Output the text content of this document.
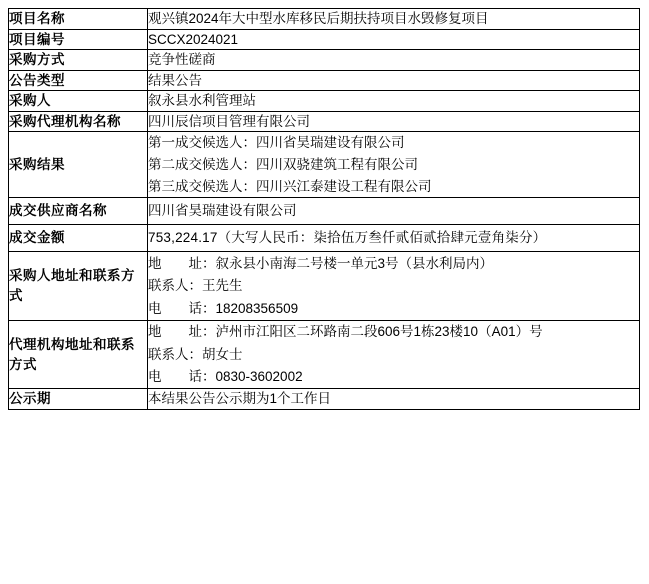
项目名称	观兴镇2024年大中型水库移民后期扶持项目水毁修复项目
项目编号	SCCX2024021
采购方式	竞争性磋商
公告类型	结果公告
采购人	叙永县水利管理站
采购代理机构名称	四川辰信项目管理有限公司
采购结果	第一成交候选人：四川省昊瑞建设有限公司
第二成交候选人：四川双骁建筑工程有限公司
第三成交候选人：四川兴江泰建设工程有限公司

成交供应商名称	四川省昊瑞建设有限公司
成交金额	753,224.17（大写人民币：柒拾伍万叁仟贰佰贰拾肆元壹角柒分）
采购人地址和联系方式	地　　址：叙永县小南海二号楼一单元3号（县水利局内）
联系人：王先生
电　　话：18208356509

代理机构地址和联系方式	地　　址：泸州市江阳区二环路南二段606号1栋23楼10（A01）号
联系人：胡女士
电　　话：0830-3602002

公示期	本结果公告公示期为1个工作日
